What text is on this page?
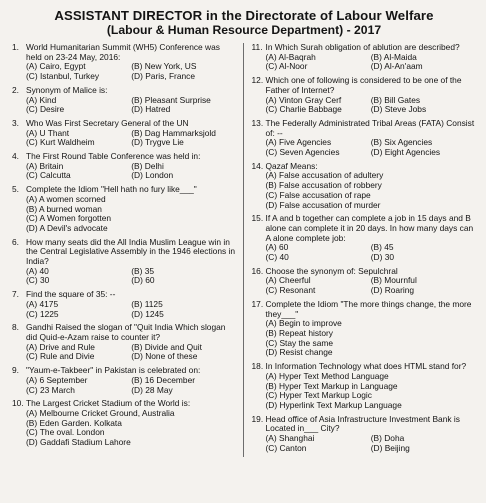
ASSISTANT DIRECTOR in the Directorate of Labour Welfare
(Labour & Human Resource Department) - 2017
1. World Humanitarian Summit (WH5) Conference was held on 23-24 May, 2016:
(A) Cairo, Egypt	(B) New York, US
(C) Istanbul, Turkey	(D) Paris, France
2. Synonym of Malice is:
(A) Kind	(B) Pleasant Surprise
(C) Desire	(D) Hatred
3. Who Was First Secretary General of the UN
(A) U Thant	(B) Dag Hammarksjold
(C) Kurt Waldheim	(D) Trygve Lie
4. The First Round Table Conference was held in:
(A) Britain	(B) Delhi
(C) Calcutta	(D) London
5. Complete the Idiom "Hell hath no fury like___"
(A) A women scorned
(B) A burned woman
(C) A Women forgotten
(D) A Devil's advocate
6. How many seats did the All India Muslim League win in the Central Legislative Assembly in the 1946 elections in India?
(A) 40	(B) 35
(C) 30	(D) 60
7. Find the square of 35: --
(A) 4175	(B) 1125
(C) 1225	(D) 1245
8. Gandhi Raised the slogan of "Quit India Which slogan did Quid-e-Azam raise to counter it?
(A) Drive and Rule	(B) Divide and Quit
(C) Rule and Divie	(D) None of these
9. "Yaum-e-Takbeer" in Pakistan is celebrated on:
(A) 6 September	(B) 16 December
(C) 23 March	(D) 28 May
10. The Largest Cricket Stadium of the World is:
(A) Melbourne Cricket Ground, Australia
(B) Eden Garden. Kolkata
(C) The oval. London
(D) Gaddafi Stadium Lahore
11. In Which Surah obligation of ablution are described?
(A) Al-Baqrah	(B) Al-Maida
(C) Al-Noor	(D) Al-An'aam
12. Which one of following is considered to be one of the Father of Internet?
(A) Vinton Gray Cerf	(B) Bill Gates
(C) Charlie Babbage	(D) Steve Jobs
13. The Federally Administrated Tribal Areas (FATA) Consist of: --
(A) Five Agencies	(B) Six Agencies
(C) Seven Agencies	(D) Eight Agencies
14. Qazaf Means:
(A) False accusation of adultery
(B) False accusation of robbery
(C) False accusation of rape
(D) False accusation of murder
15. If A and b together can complete a job in 15 days and B alone can complete it in 20 days. In how many days can A alone complete job:
(A) 60	(B) 45
(C) 40	(D) 30
16. Choose the synonym of: Sepulchral
(A) Cheerful	(B) Mournful
(C) Resonant	(D) Roaring
17. Complete the Idiom "The more things change, the more they___"
(A) Begin to improve
(B) Repeat history
(C) Stay the same
(D) Resist change
18. In Information Technology what does HTML stand for?
(A) Hyper Text Method Language
(B) Hyper Text Markup in Language
(C) Hyper Text Markup Logic
(D) Hyperlink Text Markup Language
19. Head office of Asia Infrastructure Investment Bank is Located in___ City?
(A) Shanghai	(B) Doha
(C) Canton	(D) Beijing
